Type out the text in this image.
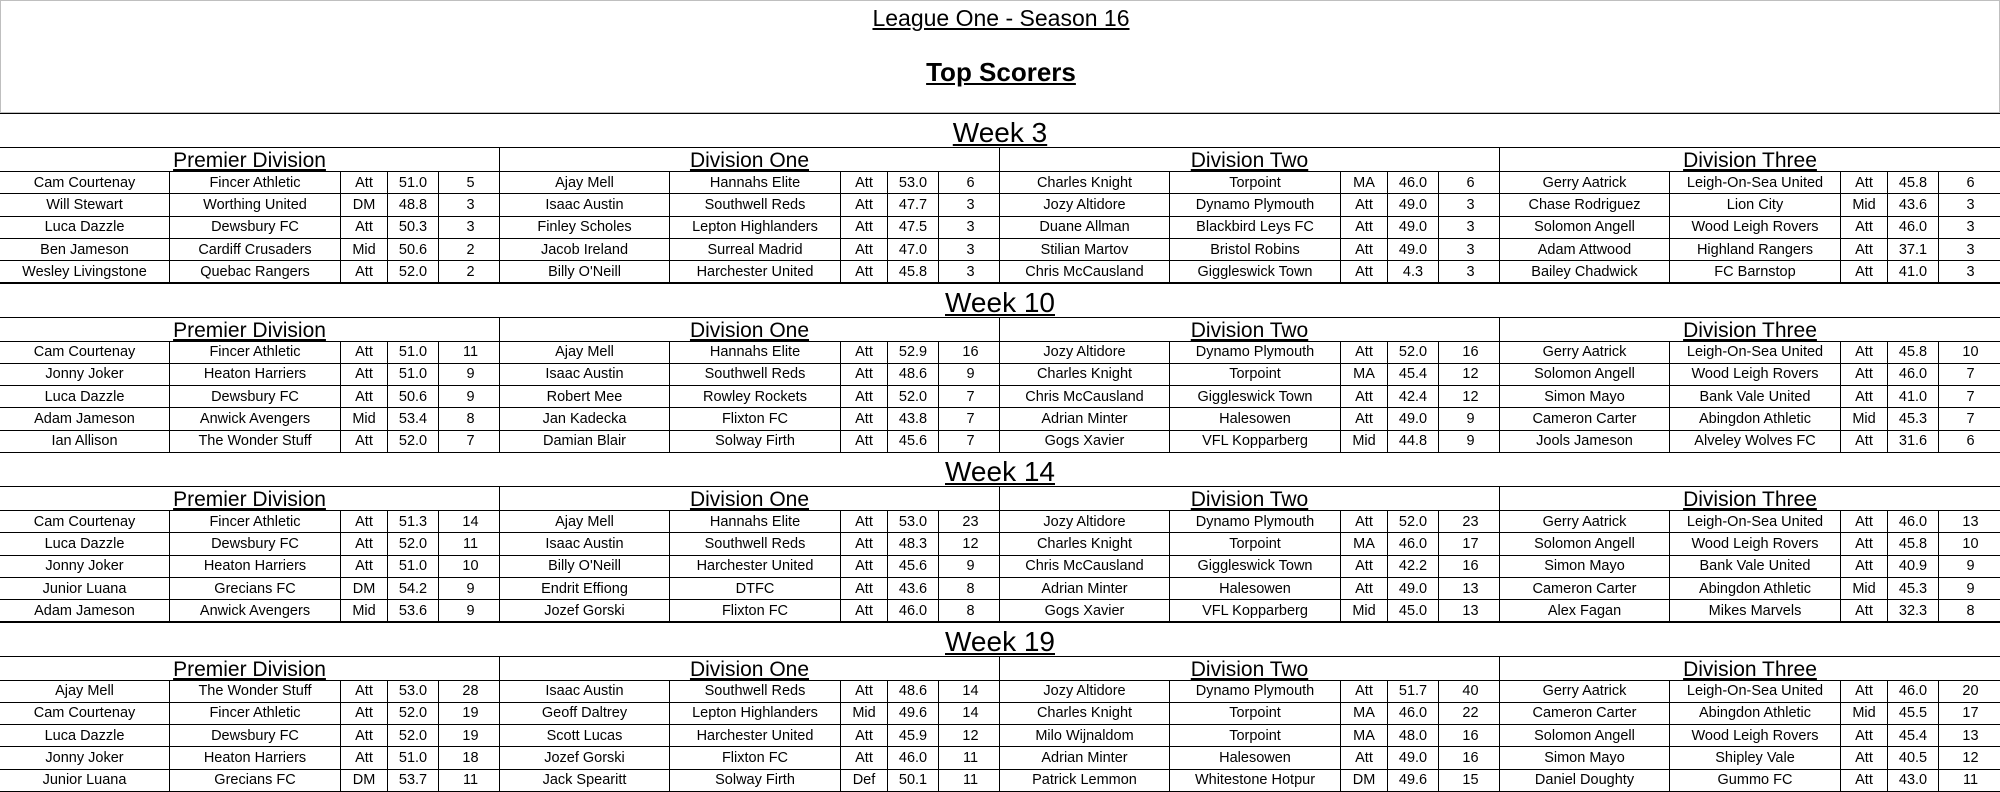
League One - Season 16
Top Scorers
Week 3
Premier Division
Cam Courtenay	Fincer Athletic	Att	51.0	5
Will Stewart	Worthing United	DM	48.8	3
Luca Dazzle	Dewsbury FC	Att	50.3	3
Ben Jameson	Cardiff Crusaders	Mid	50.6	2
Wesley Livingstone	Quebac Rangers	Att	52.0	2
Division One
Ajay Mell	Hannahs Elite	Att	53.0	6
Isaac Austin	Southwell Reds	Att	47.7	3
Finley Scholes	Lepton Highlanders	Att	47.5	3
Jacob Ireland	Surreal Madrid	Att	47.0	3
Billy O'Neill	Harchester United	Att	45.8	3
Division Two
Charles Knight	Torpoint	MA	46.0	6
Jozy Altidore	Dynamo Plymouth	Att	49.0	3
Duane Allman	Blackbird Leys FC	Att	49.0	3
Stilian Martov	Bristol Robins	Att	49.0	3
Chris McCausland	Giggleswick Town	Att	4.3	3
Division Three
Gerry Aatrick	Leigh-On-Sea United	Att	45.8	6
Chase Rodriguez	Lion City	Mid	43.6	3
Solomon Angell	Wood Leigh Rovers	Att	46.0	3
Adam Attwood	Highland Rangers	Att	37.1	3
Bailey Chadwick	FC Barnstop	Att	41.0	3
Week 10
Premier Division
Cam Courtenay	Fincer Athletic	Att	51.0	11
Jonny Joker	Heaton Harriers	Att	51.0	9
Luca Dazzle	Dewsbury FC	Att	50.6	9
Adam Jameson	Anwick Avengers	Mid	53.4	8
Ian Allison	The Wonder Stuff	Att	52.0	7
Division One
Ajay Mell	Hannahs Elite	Att	52.9	16
Isaac Austin	Southwell Reds	Att	48.6	9
Robert Mee	Rowley Rockets	Att	52.0	7
Jan Kadecka	Flixton FC	Att	43.8	7
Damian Blair	Solway Firth	Att	45.6	7
Division Two
Jozy Altidore	Dynamo Plymouth	Att	52.0	16
Charles Knight	Torpoint	MA	45.4	12
Chris McCausland	Giggleswick Town	Att	42.4	12
Adrian Minter	Halesowen	Att	49.0	9
Gogs Xavier	VFL Kopparberg	Mid	44.8	9
Division Three
Gerry Aatrick	Leigh-On-Sea United	Att	45.8	10
Solomon Angell	Wood Leigh Rovers	Att	46.0	7
Simon Mayo	Bank Vale United	Att	41.0	7
Cameron Carter	Abingdon Athletic	Mid	45.3	7
Jools Jameson	Alveley Wolves FC	Att	31.6	6
Week 14
Premier Division
Cam Courtenay	Fincer Athletic	Att	51.3	14
Luca Dazzle	Dewsbury FC	Att	52.0	11
Jonny Joker	Heaton Harriers	Att	51.0	10
Junior Luana	Grecians FC	DM	54.2	9
Adam Jameson	Anwick Avengers	Mid	53.6	9
Division One
Ajay Mell	Hannahs Elite	Att	53.0	23
Isaac Austin	Southwell Reds	Att	48.3	12
Billy O'Neill	Harchester United	Att	45.6	9
Endrit Effiong	DTFC	Att	43.6	8
Jozef Gorski	Flixton FC	Att	46.0	8
Division Two
Jozy Altidore	Dynamo Plymouth	Att	52.0	23
Charles Knight	Torpoint	MA	46.0	17
Chris McCausland	Giggleswick Town	Att	42.2	16
Adrian Minter	Halesowen	Att	49.0	13
Gogs Xavier	VFL Kopparberg	Mid	45.0	13
Division Three
Gerry Aatrick	Leigh-On-Sea United	Att	46.0	13
Solomon Angell	Wood Leigh Rovers	Att	45.8	10
Simon Mayo	Bank Vale United	Att	40.9	9
Cameron Carter	Abingdon Athletic	Mid	45.3	9
Alex Fagan	Mikes Marvels	Att	32.3	8
Week 19
Premier Division
Ajay Mell	The Wonder Stuff	Att	53.0	28
Cam Courtenay	Fincer Athletic	Att	52.0	19
Luca Dazzle	Dewsbury FC	Att	52.0	19
Jonny Joker	Heaton Harriers	Att	51.0	18
Junior Luana	Grecians FC	DM	53.7	11
Division One
Isaac Austin	Southwell Reds	Att	48.6	14
Geoff Daltrey	Lepton Highlanders	Mid	49.6	14
Scott Lucas	Harchester United	Att	45.9	12
Jozef Gorski	Flixton FC	Att	46.0	11
Jack Spearitt	Solway Firth	Def	50.1	11
Division Two
Jozy Altidore	Dynamo Plymouth	Att	51.7	40
Charles Knight	Torpoint	MA	46.0	22
Milo Wijnaldom	Torpoint	MA	48.0	16
Adrian Minter	Halesowen	Att	49.0	16
Patrick Lemmon	Whitestone Hotpur	DM	49.6	15
Division Three
Gerry Aatrick	Leigh-On-Sea United	Att	46.0	20
Cameron Carter	Abingdon Athletic	Mid	45.5	17
Solomon Angell	Wood Leigh Rovers	Att	45.4	13
Simon Mayo	Shipley Vale	Att	40.5	12
Daniel Doughty	Gummo FC	Att	43.0	11
